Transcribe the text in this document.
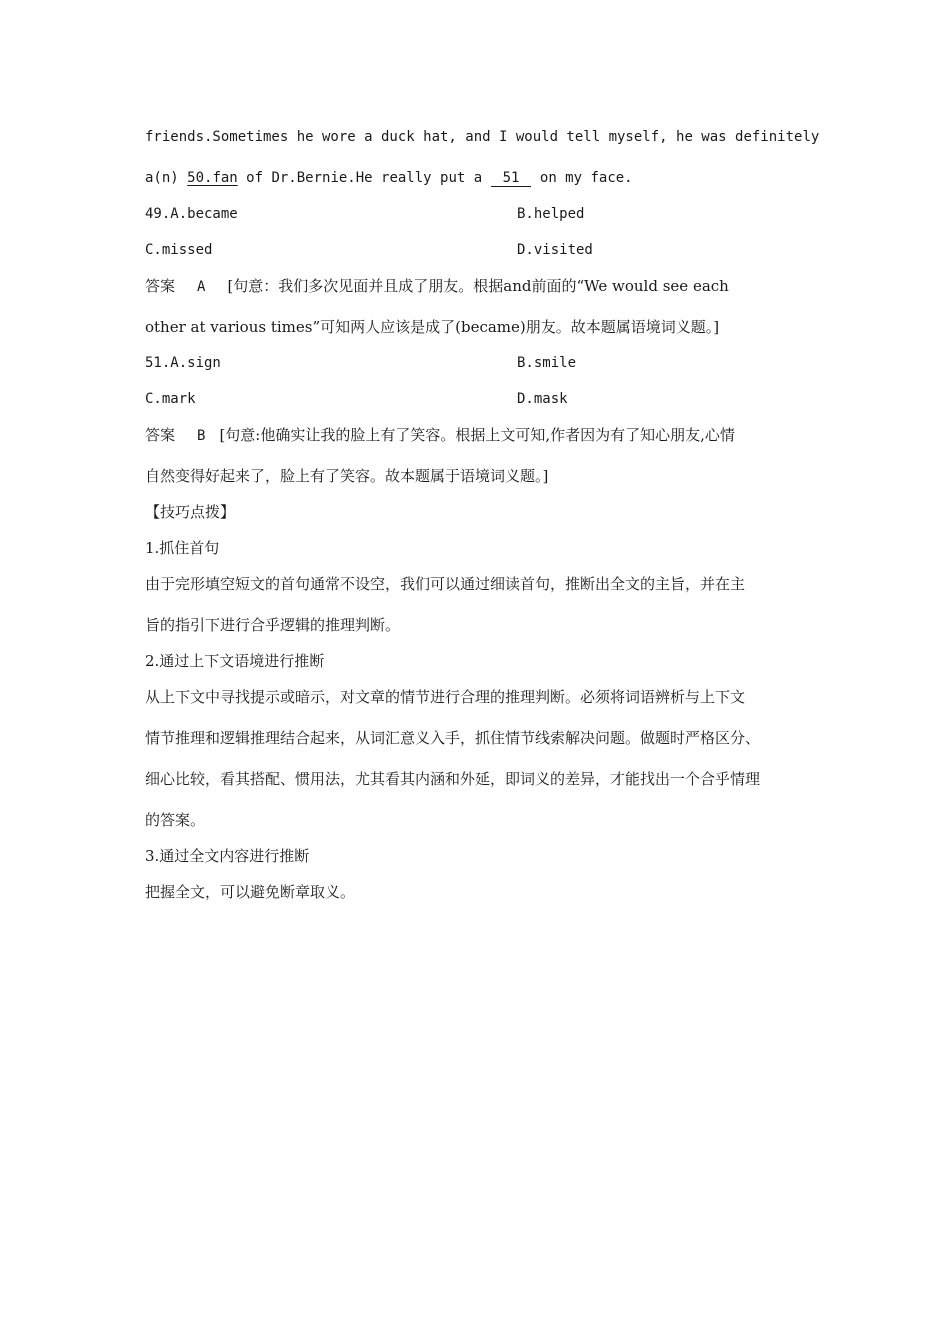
friends.Sometimes he wore a duck hat, and I would tell myself, he was definitely
a(n) 50.fan of Dr.Bernie.He really put a 51 on my face.
49.A.became	B.helped
C.missed	D.visited
答案 A [句意：我们多次见面并且成了朋友。根据and前面的“We would see each
other at various times”可知两人应该是成了(became)朋友。故本题属语境词义题。]
51.A.sign	B.smile
C.mark	D.mask
答案 B [句意:他确实让我的脸上有了笑容。根据上文可知,作者因为有了知心朋友,心情
自然变得好起来了，脸上有了笑容。故本题属于语境词义题。]
【技巧点拨】
1.抓住首句
由于完形填空短文的首句通常不设空，我们可以通过细读首句，推断出全文的主旨，并在主
旨的指引下进行合乎逻辑的推理判断。
2.通过上下文语境进行推断
从上下文中寻找提示或暗示，对文章的情节进行合理的推理判断。必须将词语辨析与上下文
情节推理和逻辑推理结合起来，从词汇意义入手，抓住情节线索解决问题。做题时严格区分、
细心比较，看其搭配、惯用法，尤其看其内涵和外延，即词义的差异，才能找出一个合乎情理
的答案。
3.通过全文内容进行推断
把握全文，可以避免断章取义。
